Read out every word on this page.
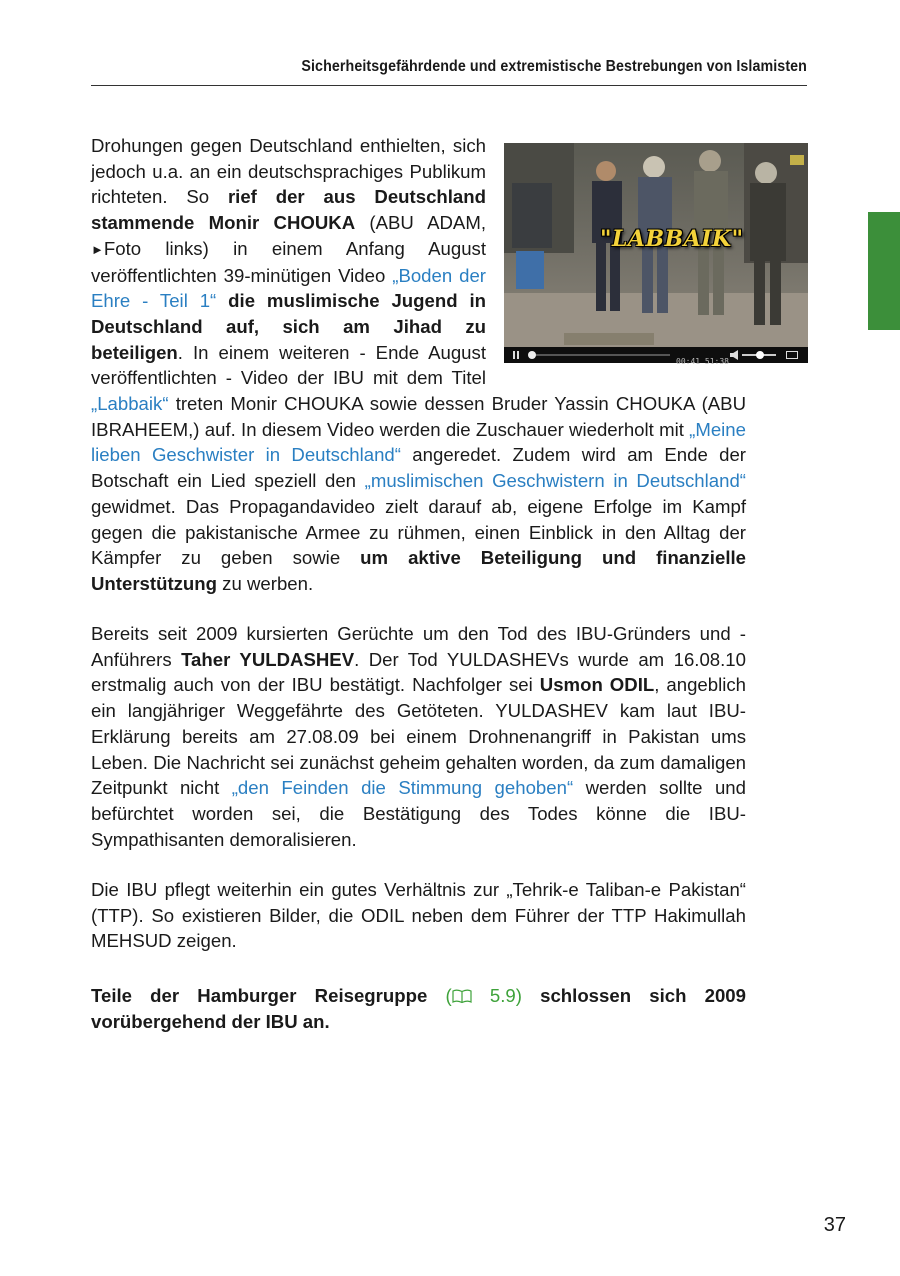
Sicherheitsgefährdende und extremistische Bestrebungen von Islamisten
"LABBAIK"
00:41 51:38
Drohungen gegen Deutschland enthielten, sich jedoch u.a. an ein deutschsprachiges Publikum richteten. So rief der aus Deutschland stammende Monir CHOUKA (ABU ADAM, ►Foto links) in einem Anfang August veröffentlichten 39-minütigen Video „Boden der Ehre - Teil 1“ die muslimische Jugend in Deutschland auf, sich am Jihad zu beteiligen. In einem weiteren - Ende August veröffentlichten - Video der IBU mit dem Titel „Labbaik“ treten Monir CHOUKA sowie dessen Bruder Yassin CHOUKA (ABU IBRAHEEM,) auf. In diesem Video werden die Zuschauer wiederholt mit „Meine lieben Geschwister in Deutschland“ angeredet. Zudem wird am Ende der Botschaft ein Lied speziell den „muslimischen Geschwistern in Deutschland“ gewidmet. Das Propagandavideo zielt darauf ab, eigene Erfolge im Kampf gegen die pakistanische Armee zu rühmen, einen Einblick in den Alltag der Kämpfer zu geben sowie um aktive Beteiligung und finanzielle Unterstützung zu werben.
Bereits seit 2009 kursierten Gerüchte um den Tod des IBU-Gründers und -Anführers Taher YULDASHEV. Der Tod YULDASHEVs wurde am 16.08.10 erstmalig auch von der IBU bestätigt. Nachfolger sei Usmon ODIL, angeblich ein langjähriger Weggefährte des Getöteten. YULDASHEV kam laut IBU-Erklärung bereits am 27.08.09 bei einem Drohnenangriff in Pakistan ums Leben. Die Nachricht sei zunächst geheim gehalten worden, da zum damaligen Zeitpunkt nicht „den Feinden die Stimmung gehoben“ werden sollte und befürchtet worden sei, die Bestätigung des Todes könne die IBU-Sympathisanten demoralisieren.
Die IBU pflegt weiterhin ein gutes Verhältnis zur „Tehrik-e Taliban-e Pakistan“ (TTP). So existieren Bilder, die ODIL neben dem Führer der TTP Hakimullah MEHSUD zeigen.
Teile der Hamburger Reisegruppe ( 5.9) schlossen sich 2009 vorübergehend der IBU an.
37
